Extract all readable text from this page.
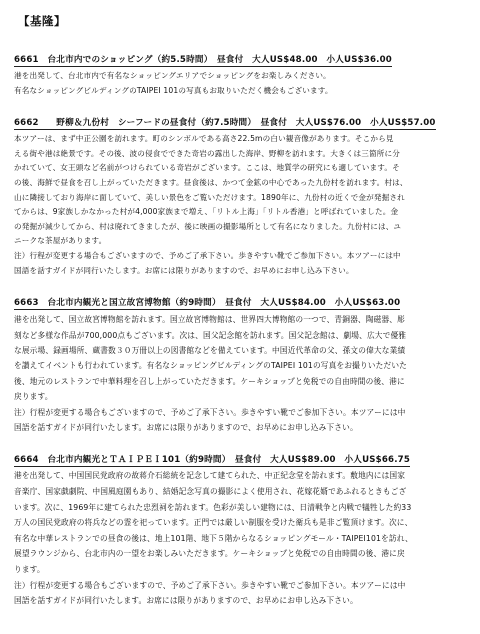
【基隆】
6661　台北市内でのショッピング（約5.5時間）　昼食付　大人US$48.00　小人US$36.00
港を出発して、台北市内で有名なショッピングエリアでショッピングをお楽しみください。
有名なショッピングビルディングのTAIPEI 101の写真もお取りいただく機会もございます。
6662　　野柳＆九份村　シーフードの昼食付（約7.5時間）　昼食付　大人US$76.00　小人US$57.00
本ツアーは、まず中正公園を訪れます。町のシンボルである高さ22.5mの白い観音像があります。そこから見
える街や港は絶景です。その後、波の侵食でできた奇岩の露出した海岸、野柳を訪れます。大きくは三箇所に分
かれていて、女王頭など名前がつけられている奇岩がございます。ここは、地質学の研究にも適しています。そ
の後、海鮮で昼食を召し上がっていただきます。昼食後は、かつて金鉱の中心であった九份村を訪れます。村は、
山に隣接しており海岸に面していて、美しい景色をご覧いただけます。1890年に、九份村の近くで金が発掘され
てからは、9家族しかなかった村が4,000家族まで増え、「リトル上海」「リトル香港」と呼ばれていました。金
の発掘が減少してから、村は廃れてきましたが、後に映画の撮影場所として有名になりました。九份村には、ユ
ニークな茶屋があります。
注）行程が変更する場合もございますので、予めご了承下さい。歩きやすい靴でご参加下さい。本ツアーには中
国語を話すガイドが同行いたします。お席には限りがありますので、お早めにお申し込み下さい。
6663　台北市内観光と国立故宮博物館（約9時間）　昼食付　大人US$84.00　小人US$63.00
港を出発して、国立故宮博物館を訪れます。国立故宮博物館は、世界四大博物館の一つで、青銅器、陶磁器、彫
刻など多様な作品が700,000点もございます。次は、国父記念館を訪れます。国父記念館は、劇場、広大で優雅
な展示場、録画場所、蔵書数３０万冊以上の図書館などを備えています。中国近代革命の父、孫文の偉大な業績
を讃えてイベントも行われています。有名なショッピングビルディングのTAIPEI 101の写真をお撮りいただいた
後、地元のレストランで中華料理を召し上がっていただきます。ケーキショップと免税での自由時間の後、港に
戻ります。
注）行程が変更する場合もございますので、予めご了承下さい。歩きやすい靴でご参加下さい。本ツアーには中
国語を話すガイドが同行いたします。お席には限りがありますので、お早めにお申し込み下さい。
6664　台北市内観光とＴＡＩＰＥＩ101（約9時間）　昼食付　大人US$89.00　小人US$66.75
港を出発して、中国国民党政府の故蒋介石総統を記念して建てられた、中正紀念堂を訪れます。敷地内には国家
音楽庁、国家戯劇院、中国風庭園もあり、結婚記念写真の撮影によく使用され、花嫁花婿であふれるときもござ
います。次に、1969年に建てられた忠烈祠を訪れます。色彩が美しい建物には、日清戦争と内戦で犠牲した約33
万人の国民党政府の将兵などの霊を祀っています。正門では厳しい制服を受けた衛兵も是非ご覧頂けます。次に、
有名な中華レストランでの昼食の後は、地上101階、地下５階からなるショッピングモール・TAIPEI101を訪れ、
展望ラウンジから、台北市内の一望をお楽しみいただきます。ケーキショップと免税での自由時間の後、港に戻
ります。
注）行程が変更する場合もございますので、予めご了承下さい。歩きやすい靴でご参加下さい。本ツアーには中
国語を話すガイドが同行いたします。お席には限りがありますので、お早めにお申し込み下さい。
